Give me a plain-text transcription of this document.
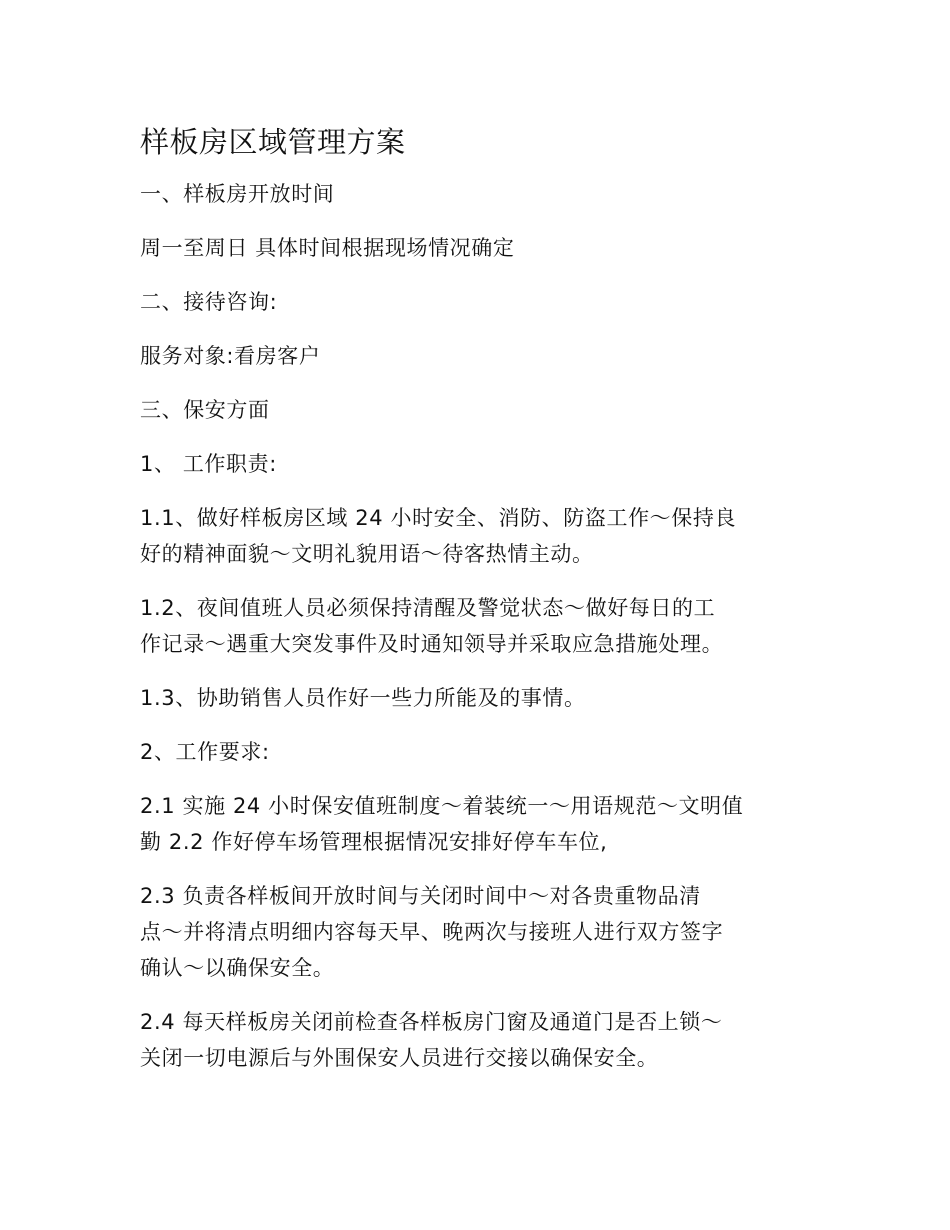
样板房区域管理方案
一、样板房开放时间
周一至周日 具体时间根据现场情况确定
二、接待咨询:
服务对象:看房客户
三、保安方面
1、 工作职责:
1.1、做好样板房区域 24 小时安全、消防、防盗工作～保持良
好的精神面貌～文明礼貌用语～待客热情主动。
1.2、夜间值班人员必须保持清醒及警觉状态～做好每日的工
作记录～遇重大突发事件及时通知领导并采取应急措施处理。
1.3、协助销售人员作好一些力所能及的事情。
2、工作要求:
2.1 实施 24 小时保安值班制度～着装统一～用语规范～文明值
勤 2.2 作好停车场管理根据情况安排好停车车位,
2.3 负责各样板间开放时间与关闭时间中～对各贵重物品清
点～并将清点明细内容每天早、晚两次与接班人进行双方签字
确认～以确保安全。
2.4 每天样板房关闭前检查各样板房门窗及通道门是否上锁～
关闭一切电源后与外围保安人员进行交接以确保安全。
